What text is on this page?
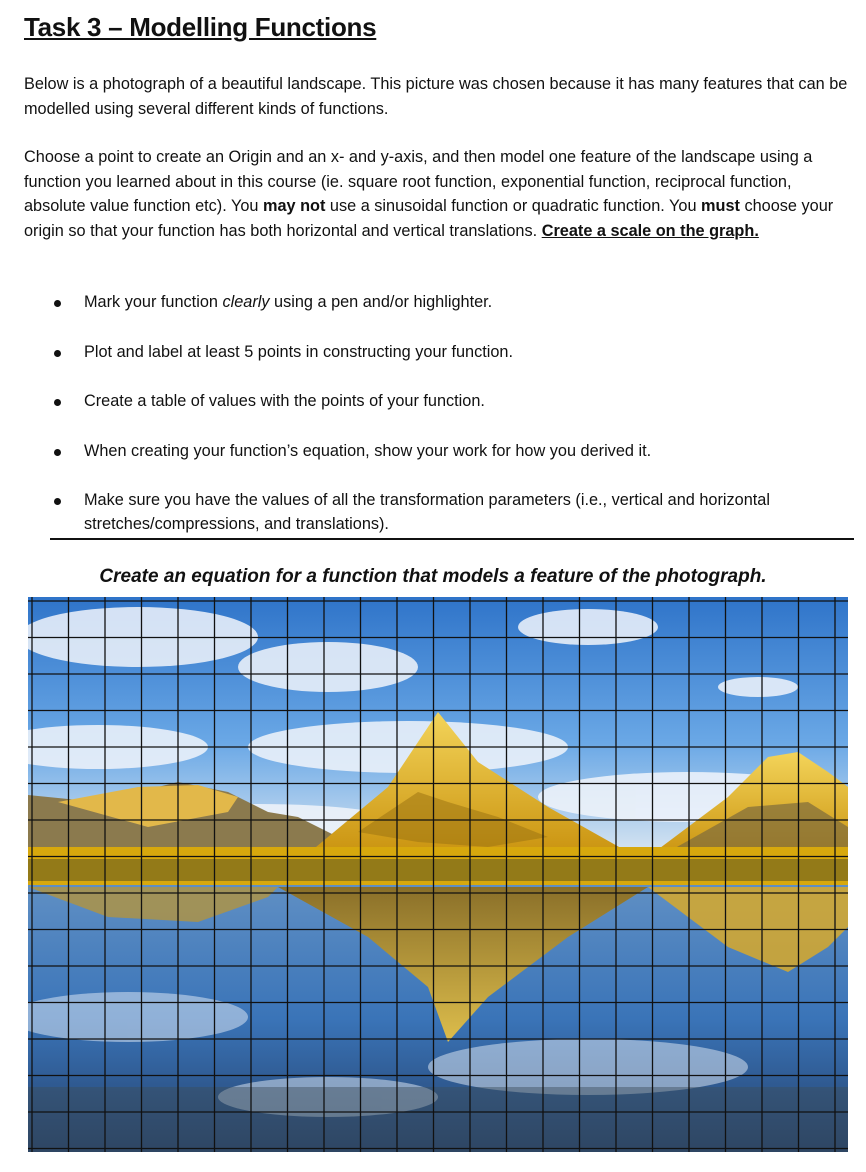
Task 3 – Modelling Functions
Below is a photograph of a beautiful landscape. This picture was chosen because it has many features that can be modelled using several different kinds of functions.
Choose a point to create an Origin and an x- and y-axis, and then model one feature of the landscape using a function you learned about in this course (ie. square root function, exponential function, reciprocal function, absolute value function etc). You may not use a sinusoidal function or quadratic function. You must choose your origin so that your function has both horizontal and vertical translations. Create a scale on the graph.
Mark your function clearly using a pen and/or highlighter.
Plot and label at least 5 points in constructing your function.
Create a table of values with the points of your function.
When creating your function’s equation, show your work for how you derived it.
Make sure you have the values of all the transformation parameters (i.e., vertical and horizontal stretches/compressions, and translations).
Create an equation for a function that models a feature of the photograph.
